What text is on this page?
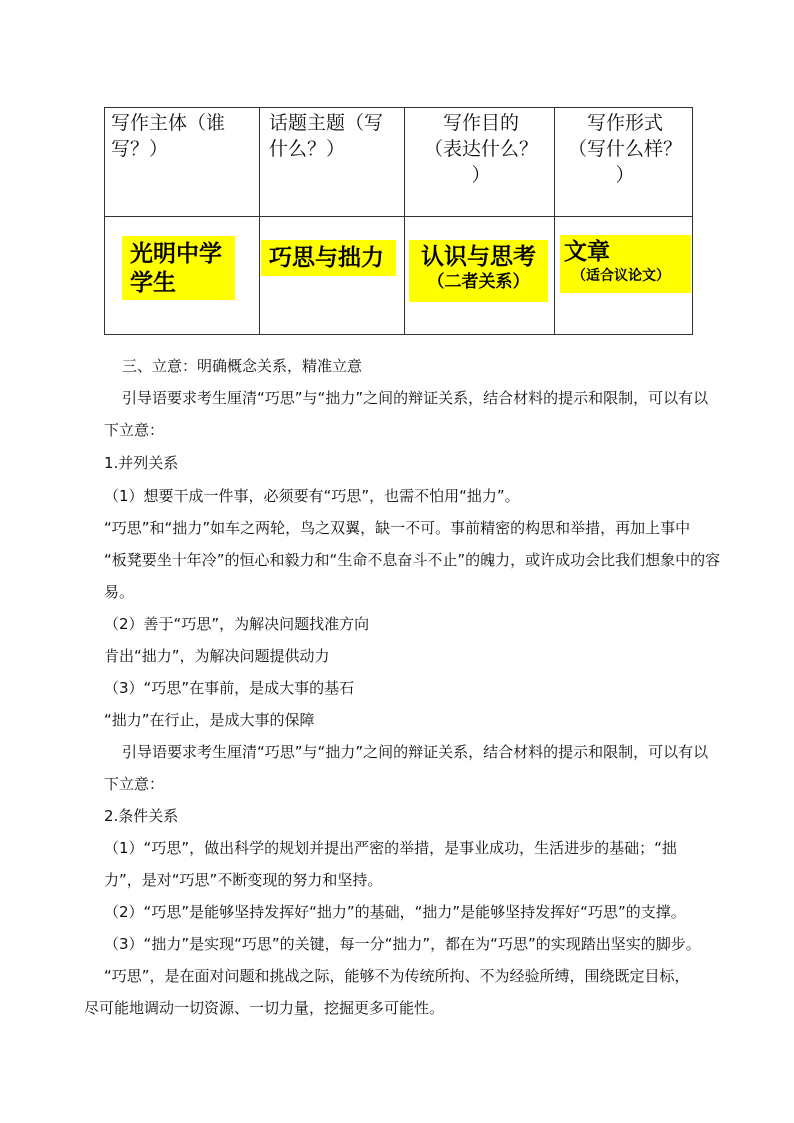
写作主体（谁
写？）
话题主题（写
什么？）
写作目的
（表达什么？
）
写作形式
（写什么样？
）
光明中学
学生
巧思与拙力	认识与思考
（二者关系）
文章
（适合议论文）
三、立意：明确概念关系，精准立意
引导语要求考生厘清“巧思”与“拙力”之间的辩证关系，结合材料的提示和限制，可以有以
下立意：
1.并列关系
（1）想要干成一件事，必须要有“巧思”，也需不怕用“拙力”。
“巧思”和“拙力”如车之两轮，鸟之双翼，缺一不可。事前精密的构思和举措，再加上事中
“板凳要坐十年冷”的恒心和毅力和“生命不息奋斗不止”的魄力，或许成功会比我们想象中的容
易。
（2）善于“巧思”，为解决问题找准方向
肯出“拙力”，为解决问题提供动力
（3）“巧思”在事前，是成大事的基石
“拙力”在行止，是成大事的保障
引导语要求考生厘清“巧思”与“拙力”之间的辩证关系，结合材料的提示和限制，可以有以
下立意：
2.条件关系
（1）“巧思”，做出科学的规划并提出严密的举措，是事业成功，生活进步的基础；“拙
力”，是对“巧思”不断变现的努力和坚持。
（2）“巧思”是能够坚持发挥好“拙力”的基础，“拙力”是能够坚持发挥好“巧思”的支撑。
（3）“拙力”是实现“巧思”的关键，每一分“拙力”，都在为“巧思”的实现踏出坚实的脚步。
“巧思”，是在面对问题和挑战之际，能够不为传统所拘、不为经验所缚，围绕既定目标，
尽可能地调动一切资源、一切力量，挖掘更多可能性。
